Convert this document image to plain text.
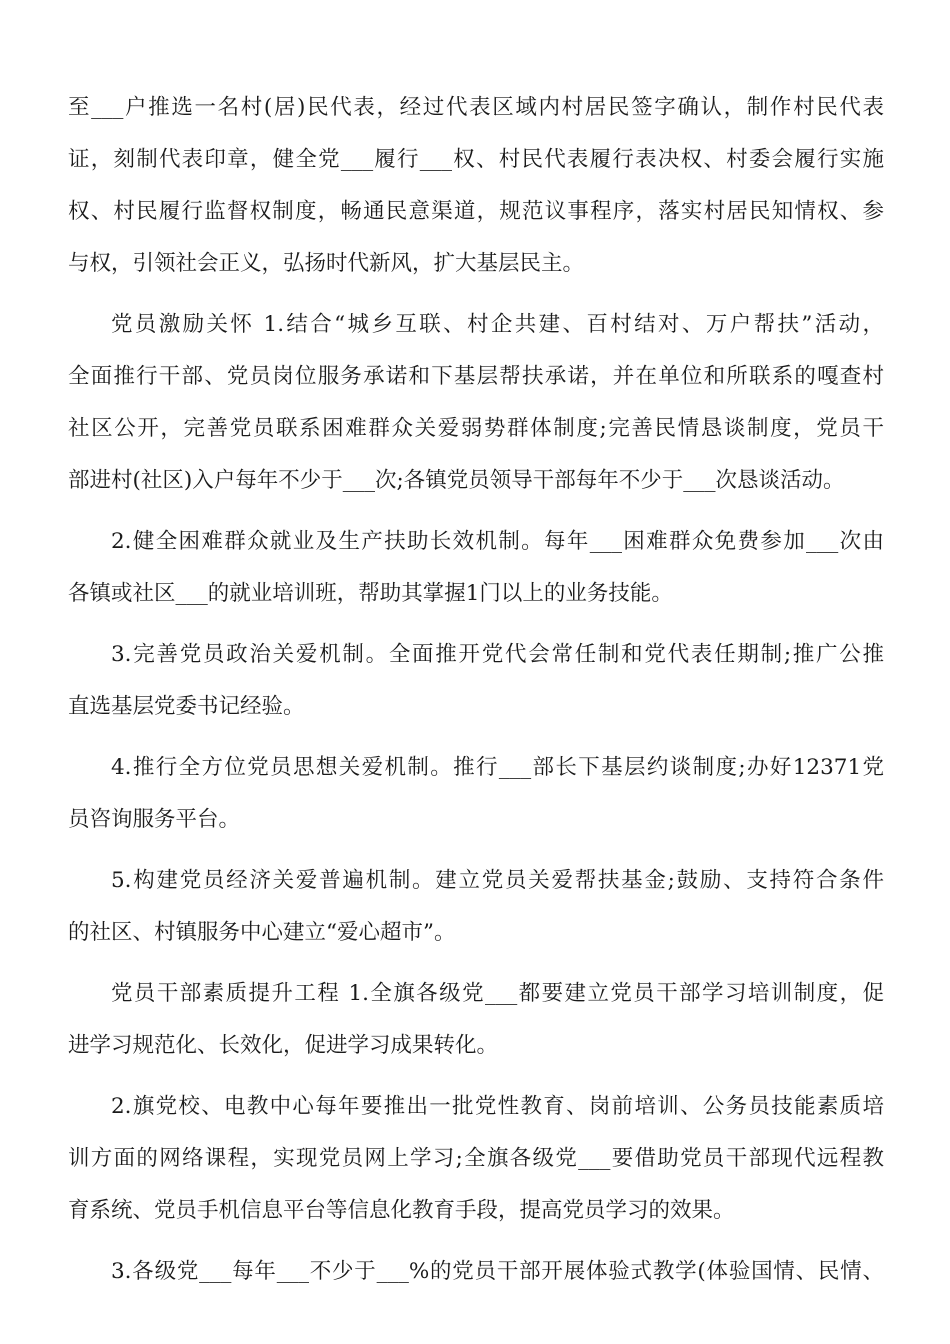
至___户推选一名村(居)民代表，经过代表区域内村居民签字确认，制作村民代表
证，刻制代表印章，健全党___履行___权、村民代表履行表决权、村委会履行实施
权、村民履行监督权制度，畅通民意渠道，规范议事程序，落实村居民知情权、参
与权，引领社会正义，弘扬时代新风，扩大基层民主。

党员激励关怀 1.结合“城乡互联、村企共建、百村结对、万户帮扶”活动，
全面推行干部、党员岗位服务承诺和下基层帮扶承诺，并在单位和所联系的嘎查村
社区公开，完善党员联系困难群众关爱弱势群体制度;完善民情恳谈制度，党员干
部进村(社区)入户每年不少于___次;各镇党员领导干部每年不少于___次恳谈活动。

2.健全困难群众就业及生产扶助长效机制。每年___困难群众免费参加___次由
各镇或社区___的就业培训班，帮助其掌握1门以上的业务技能。

3.完善党员政治关爱机制。全面推开党代会常任制和党代表任期制;推广公推
直选基层党委书记经验。

4.推行全方位党员思想关爱机制。推行___部长下基层约谈制度;办好12371党
员咨询服务平台。

5.构建党员经济关爱普遍机制。建立党员关爱帮扶基金;鼓励、支持符合条件
的社区、村镇服务中心建立“爱心超市”。

党员干部素质提升工程 1.全旗各级党___都要建立党员干部学习培训制度，促
进学习规范化、长效化，促进学习成果转化。

2.旗党校、电教中心每年要推出一批党性教育、岗前培训、公务员技能素质培
训方面的网络课程，实现党员网上学习;全旗各级党___要借助党员干部现代远程教
育系统、党员手机信息平台等信息化教育手段，提高党员学习的效果。

3.各级党___每年___不少于___%的党员干部开展体验式教学(体验国情、民情、
